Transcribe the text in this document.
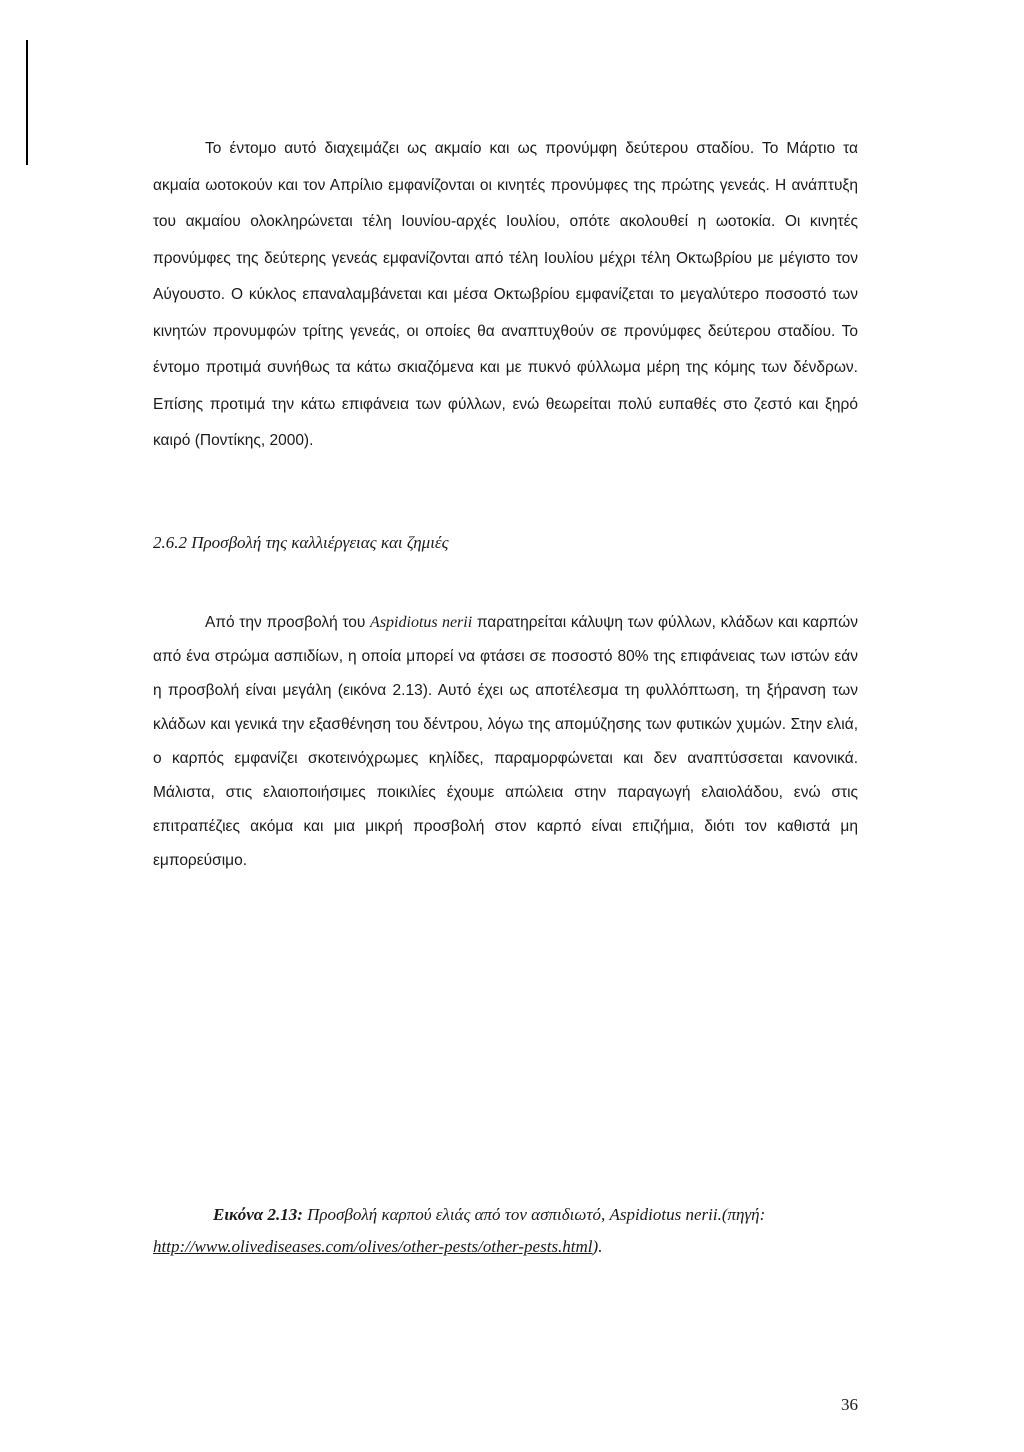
Το έντομο αυτό διαχειμάζει ως ακμαίο και ως προνύμφη δεύτερου σταδίου. Το Μάρτιο τα ακμαία ωοτοκούν και τον Απρίλιο εμφανίζονται οι κινητές προνύμφες της πρώτης γενεάς. Η ανάπτυξη του ακμαίου ολοκληρώνεται τέλη Ιουνίου-αρχές Ιουλίου, οπότε ακολουθεί η ωοτοκία. Οι κινητές προνύμφες της δεύτερης γενεάς εμφανίζονται από τέλη Ιουλίου μέχρι τέλη Οκτωβρίου με μέγιστο τον Αύγουστο. Ο κύκλος επαναλαμβάνεται και μέσα Οκτωβρίου εμφανίζεται το μεγαλύτερο ποσοστό των κινητών προνυμφών τρίτης γενεάς, οι οποίες θα αναπτυχθούν σε προνύμφες δεύτερου σταδίου. Το έντομο προτιμά συνήθως τα κάτω σκιαζόμενα και με πυκνό φύλλωμα μέρη της κόμης των δένδρων. Επίσης προτιμά την κάτω επιφάνεια των φύλλων, ενώ θεωρείται πολύ ευπαθές στο ζεστό και ξηρό καιρό (Ποντίκης, 2000).

2.6.2 Προσβολή της καλλιέργειας και ζημιές

Από την προσβολή του Aspidiotus nerii παρατηρείται κάλυψη των φύλλων, κλάδων και καρπών από ένα στρώμα ασπιδίων, η οποία μπορεί να φτάσει σε ποσοστό 80% της επιφάνειας των ιστών εάν η προσβολή είναι μεγάλη (εικόνα 2.13). Αυτό έχει ως αποτέλεσμα τη φυλλόπτωση, τη ξήρανση των κλάδων και γενικά την εξασθένηση του δέντρου, λόγω της απομύζησης των φυτικών χυμών. Στην ελιά, ο καρπός εμφανίζει σκοτεινόχρωμες κηλίδες, παραμορφώνεται και δεν αναπτύσσεται κανονικά. Μάλιστα, στις ελαιοποιήσιμες ποικιλίες έχουμε απώλεια στην παραγωγή ελαιολάδου, ενώ στις επιτραπέζιες ακόμα και μια μικρή προσβολή στον καρπό είναι επιζήμια, διότι τον καθιστά μη εμπορεύσιμο.

Εικόνα 2.13: Προσβολή καρπού ελιάς από τον ασπιδιωτό, Aspidiotus nerii.(πηγή: http://www.olivediseases.com/olives/other-pests/other-pests.html).

36
